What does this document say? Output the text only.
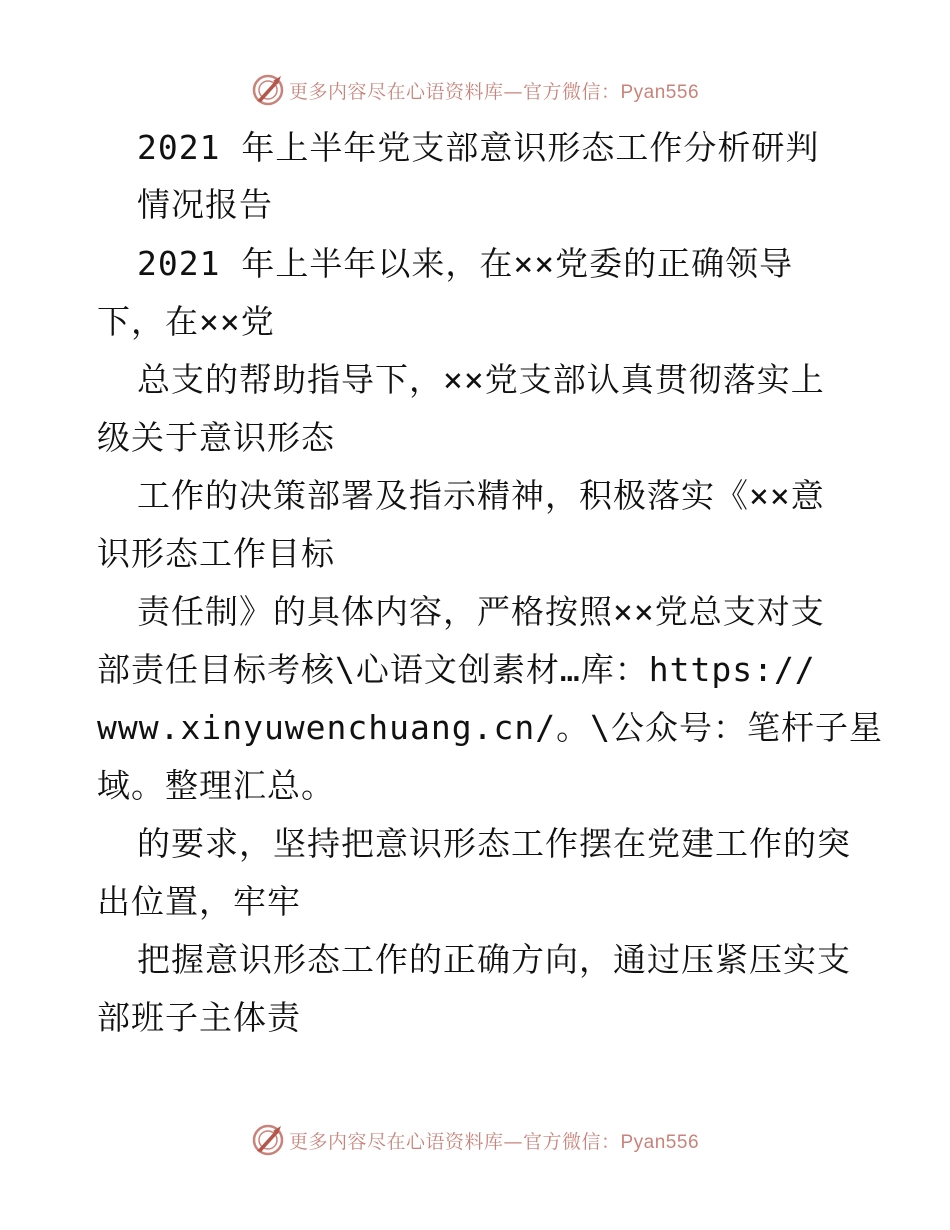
更多内容尽在心语资料库—官方微信：Pyan556
2021 年上半年党支部意识形态工作分析研判
情况报告
2021 年上半年以来，在××党委的正确领导
下，在××党
总支的帮助指导下，××党支部认真贯彻落实上
级关于意识形态
工作的决策部署及指示精神，积极落实《××意
识形态工作目标
责任制》的具体内容，严格按照××党总支对支
部责任目标考核\心语文创素材…库：https://
www.xinyuwenchuang.cn/。\公众号：笔杆子星
域。整理汇总。
的要求，坚持把意识形态工作摆在党建工作的突
出位置，牢牢
把握意识形态工作的正确方向，通过压紧压实支
部班子主体责
更多内容尽在心语资料库—官方微信：Pyan556
